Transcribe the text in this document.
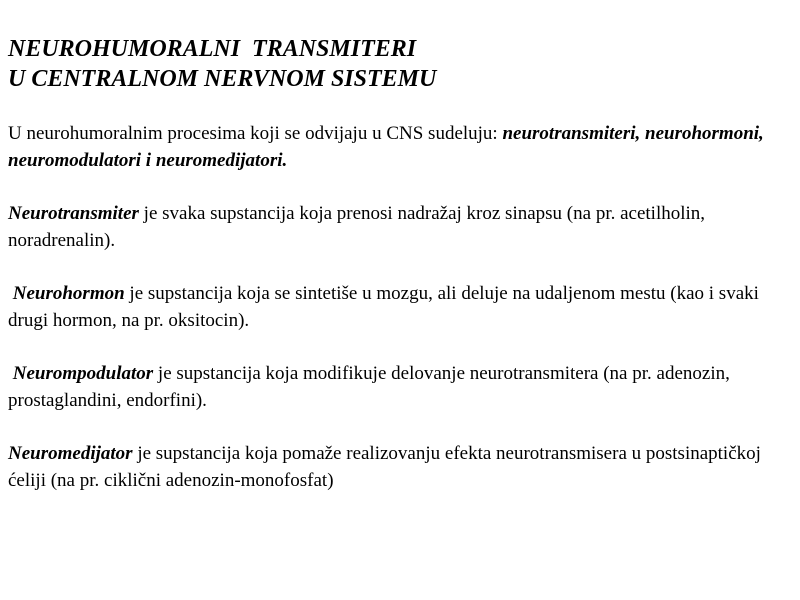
NEUROHUMORALNI  TRANSMITERI
U CENTRALNOM NERVNOM SISTEMU

U neurohumoralnim procesima koji se odvijaju u CNS sudeluju: neurotransmiteri, neurohormoni, neuromodulatori i neuromedijatori.

Neurotransmiter je svaka supstancija koja prenosi nadražaj kroz sinapsu (na pr. acetilholin, noradrenalin).

Neurohormon je supstancija koja se sintetiše u mozgu, ali deluje na udaljenom mestu (kao i svaki drugi hormon, na pr. oksitocin).

Neurompodulator je supstancija koja modifikuje delovanje neurotransmitera (na pr. adenozin, prostaglandini, endorfini).

Neuromedijator je supstancija koja pomaže realizovanju efekta neurotransmisera u postsinaptičkoj ćeliji (na pr. ciklični adenozin-monofosfat)
